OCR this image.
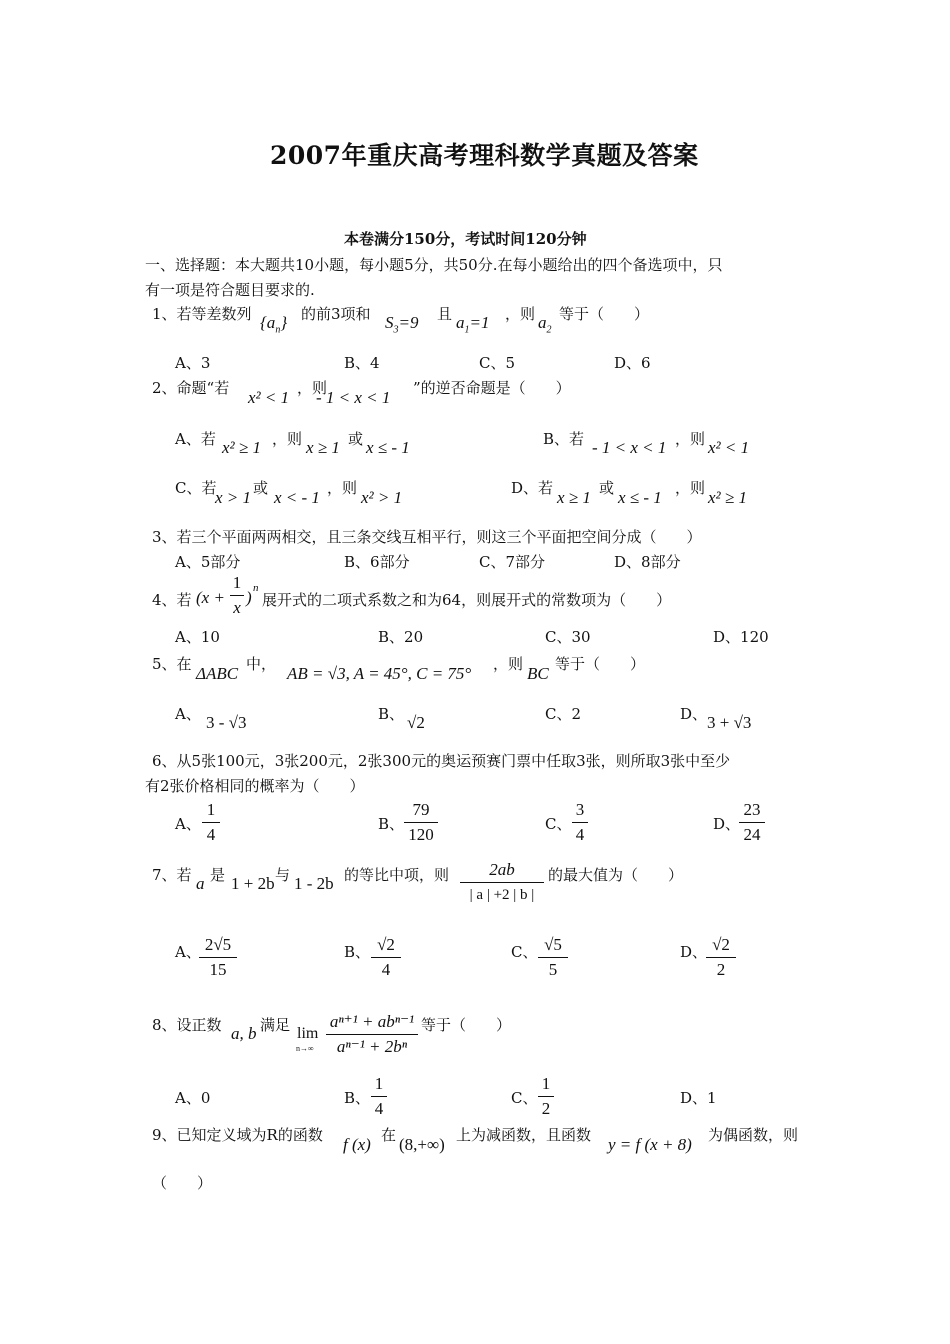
2007年重庆高考理科数学真题及答案
本卷满分150分，考试时间120分钟
一、选择题：本大题共10小题，每小题5分，共50分.在每小题给出的四个备选项中，只
有一项是符合题目要求的.
1、若等差数列 $\{a_n\}$ 的前3项和 $S_3=9$ 且 $a_1=1$ ，则 $a_2$
等于（　　）
A、3	B、4	C、5	D、6
2、命题“若 x² < 1 ，则
- 1 < x < 1 ”的逆否命题是（　　）
A、若 x² ≥ 1 ，则 x ≥ 1 或 x ≤ - 1	B、若 - 1 < x < 1 ，则 x² < 1
C、若
x > 1 或 x < - 1 ，则 x² > 1	D、若 x ≥ 1 或 x ≤ - 1 ，则 x² ≥ 1
3、若三个平面两两相交，且三条交线互相平行，则这三个平面把空间分成（　　）
A、5部分	B、6部分	C、7部分	D、8部分
4、若 (x +
1
x
) n
展开式的二项式系数之和为64，则展开式的常数项为（　　）
A、10	B、20	C、30	D、120
5、在 ΔABC 中， AB = √3, A = 45°, C = 75° ，则 BC 等于（　　）
A、 3 - √3	B、 √2	C、2	D、 3 + √3
6、从5张100元，3张200元，2张300元的奥运预赛门票中任取3张，则所取3张中至少
有2张价格相同的概率为（　　）
A、
1
4
B、
79
120
C、
3
4
D、
23
24
7、若 a 是 1 + 2b 与 1 - 2b 的等比中项，则	2ab
| a | +2 | b |
的最大值为（　　）
A、 2√5
15
B、 √2
4
C、 √5
5
D、 √2
2
8、设正数 a, b 满足 lim
n→∞
aⁿ⁺¹ + abⁿ⁻¹
aⁿ⁻¹ + 2bⁿ
等于（　　）
A、0	B、
1
4
C、
1
2
D、1
9、已知定义域为R的函数 f (x) 在 (8,+∞) 上为减函数，且函数 y = f (x + 8) 为偶函数，则
（　　）
